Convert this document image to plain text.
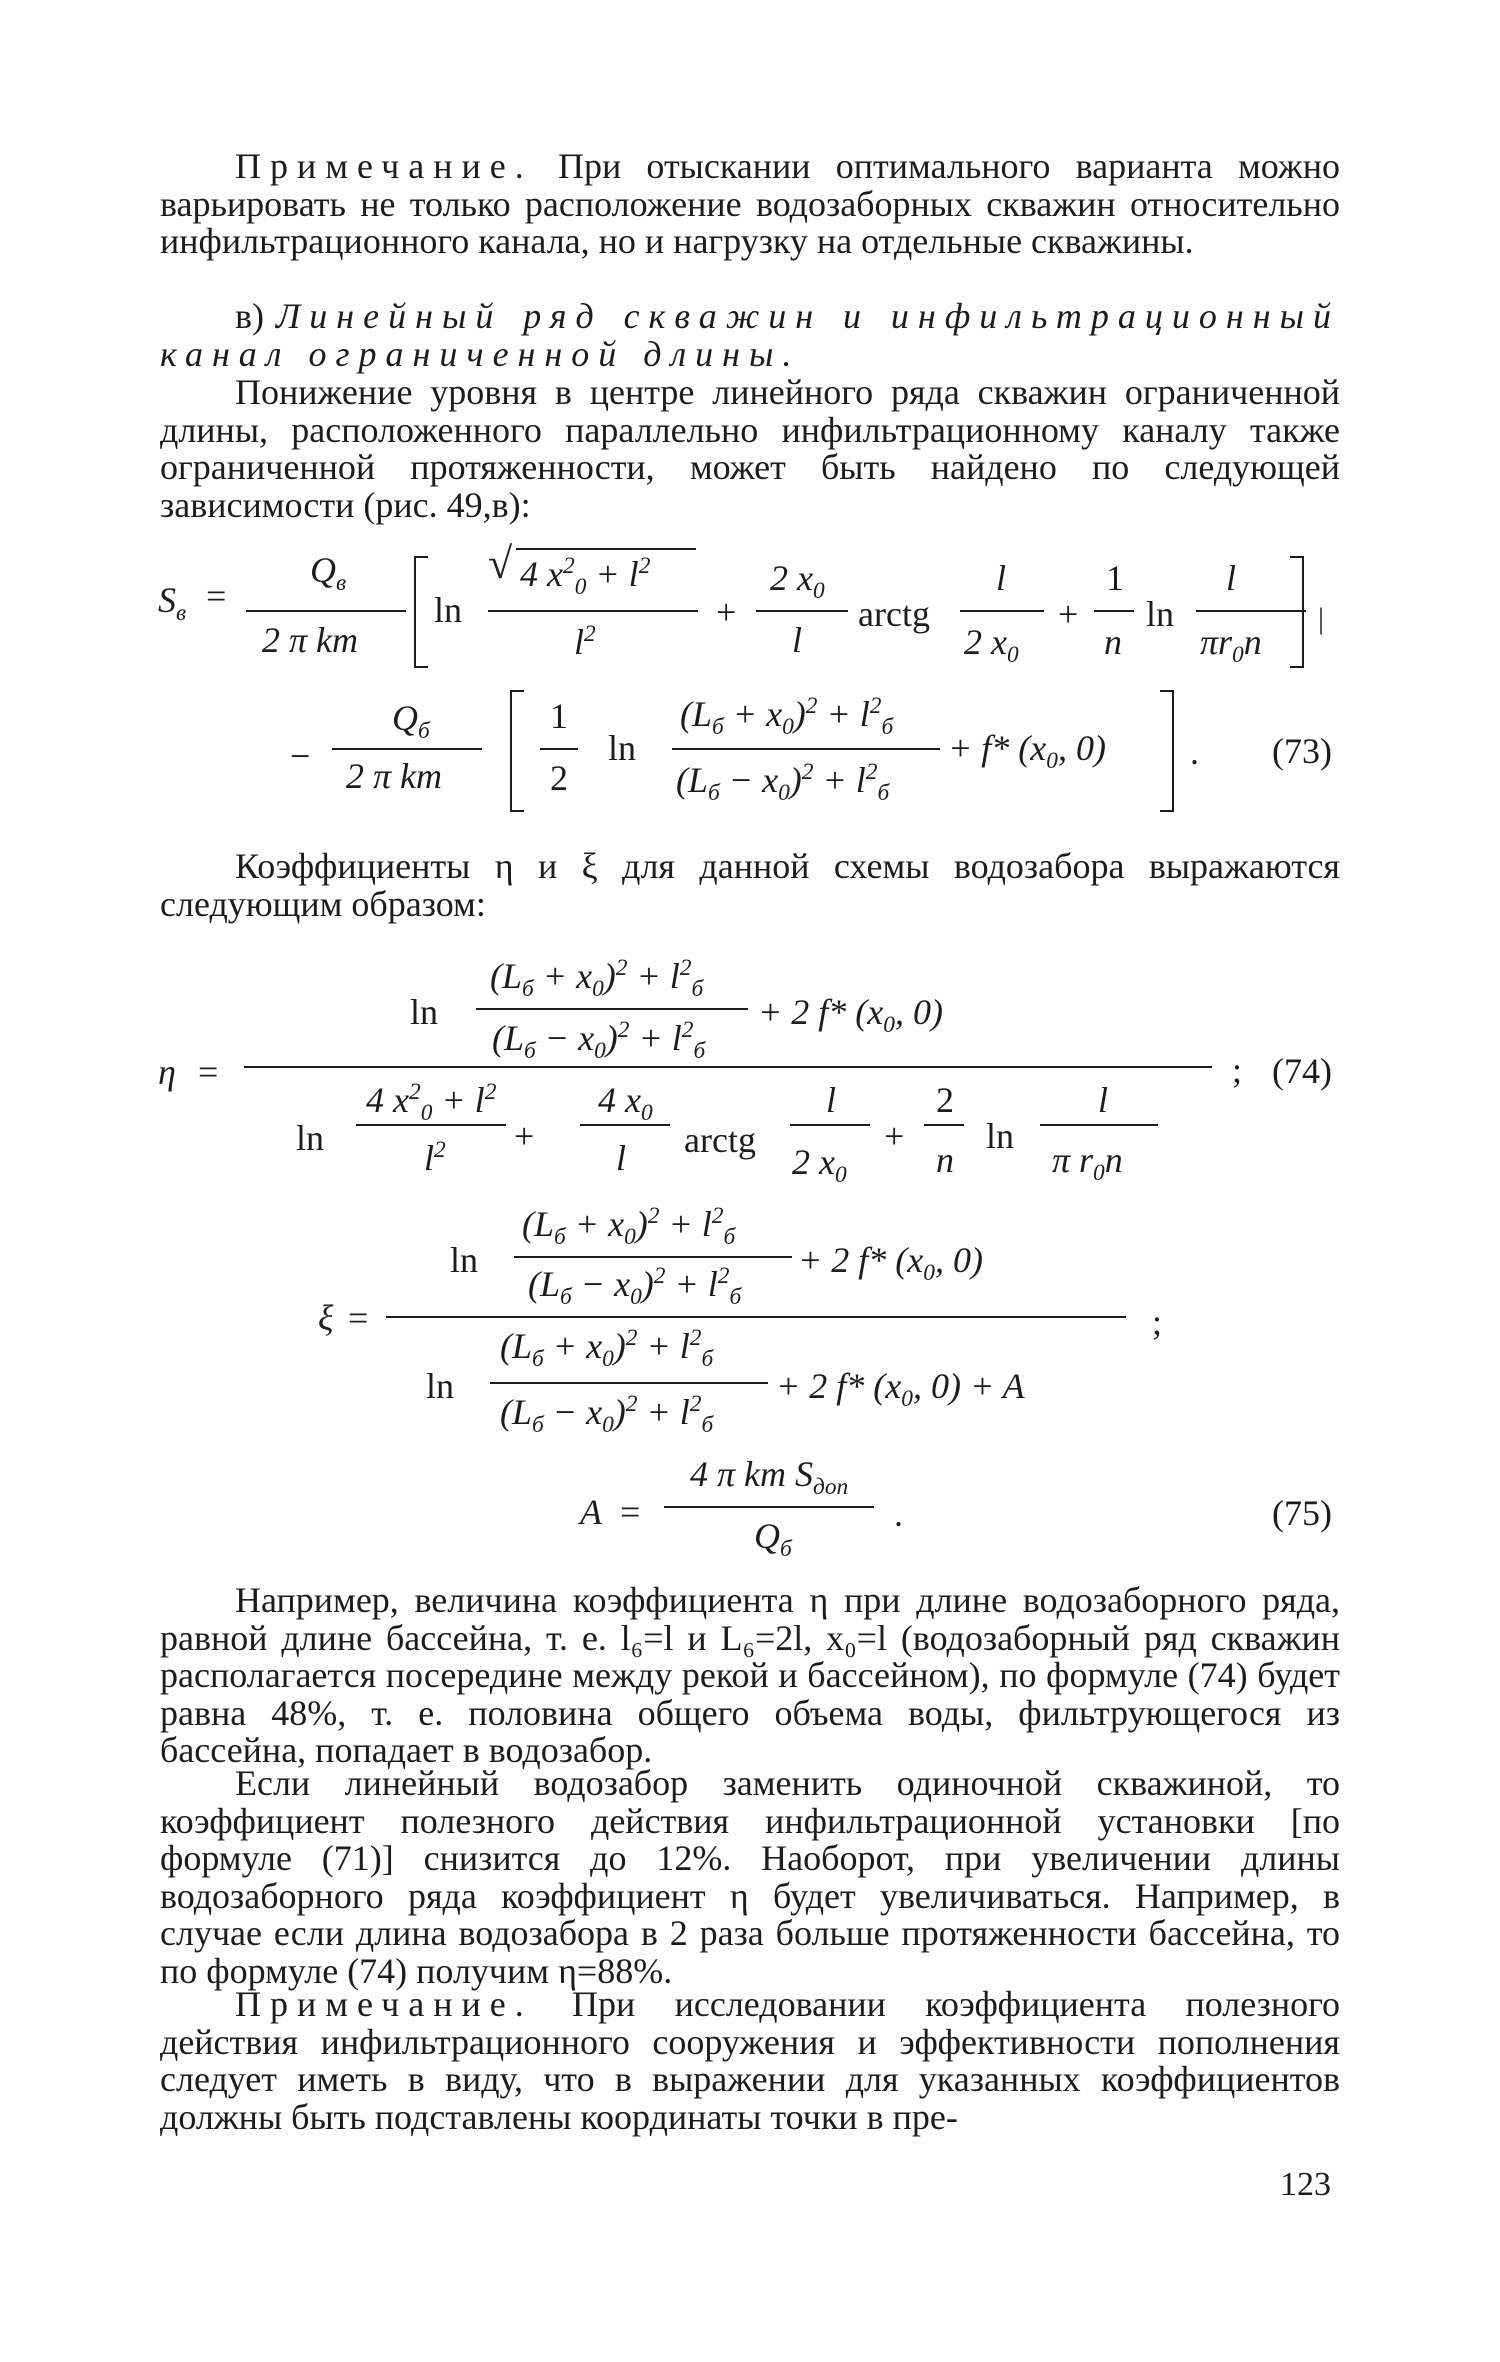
Примечание. При отыскании оптимального варианта можно варьировать не только расположение водозаборных скважин относительно инфильтрационного канала, но и нагрузку на отдельные скважины.

в) Линейный ряд скважин и инфильтрационный канал ограниченной длины.

Понижение уровня в центре линейного ряда скважин ограниченной длины, расположенного параллельно инфильтрационному каналу также ограниченной протяженности, может быть найдено по следующей зависимости (рис. 49,в):

$S_в$ =
$Q_в$
2 π km
ln
√ 4 $x^2_0 + l^2$
$l^2$
+
2 $x_0$
l
arctg
l
2 $x_0$
+
1
n
ln
l
$\pi r_0n$
|
−
$Q_б$
2 π km
1
2
ln
$(L_б + x_0)^2 + l^2_б$
$(L_б - x_0)^2 + l^2_б$
+ f* ($x_0$, 0) . (73)

Коэффициенты η и ξ для данной схемы водозабора выражаются следующим образом:

η =
ln
$(L_б + x_0)^2 + l^2_б$
$(L_б - x_0)^2 + l^2_б$
+ 2 f* ($x_0$, 0)
; (74)
ln
4 $x^2_0 + l^2$
$l^2$ +
4 $x_0$
l arctg
l
2 $x_0$
+
2
n
ln
l
π $r_0n$
ln
$(L_б + x_0)^2 + l^2_б$
$(L_б - x_0)^2 + l^2_б$
+ 2 f* ($x_0$, 0)
ξ =	;
ln
$(L_б + x_0)^2 + l^2_б$
$(L_б - x_0)^2 + l^2_б$
+ 2 f* ($x_0$, 0) + A
A =
4 π km $S_{доп}$
$Q_б$
.	(75)

Например, величина коэффициента η при длине водозаборного ряда, равной длине бассейна, т. е. l₆=l и L₆=2l, x₀=l (водозаборный ряд скважин располагается посередине между рекой и бассейном), по формуле (74) будет равна 48%, т. е. половина общего объема воды, фильтрующегося из бассейна, попадает в водозабор.

Если линейный водозабор заменить одиночной скважиной, то коэффициент полезного действия инфильтрационной установки [по формуле (71)] снизится до 12%. Наоборот, при увеличении длины водозаборного ряда коэффициент η будет увеличиваться. Например, в случае если длина водозабора в 2 раза больше протяженности бассейна, то по формуле (74) получим η=88%.

Примечание. При исследовании коэффициента полезного действия инфильтрационного сооружения и эффективности пополнения следует иметь в виду, что в выражении для указанных коэффициентов должны быть подставлены координаты точки в пре-

123
